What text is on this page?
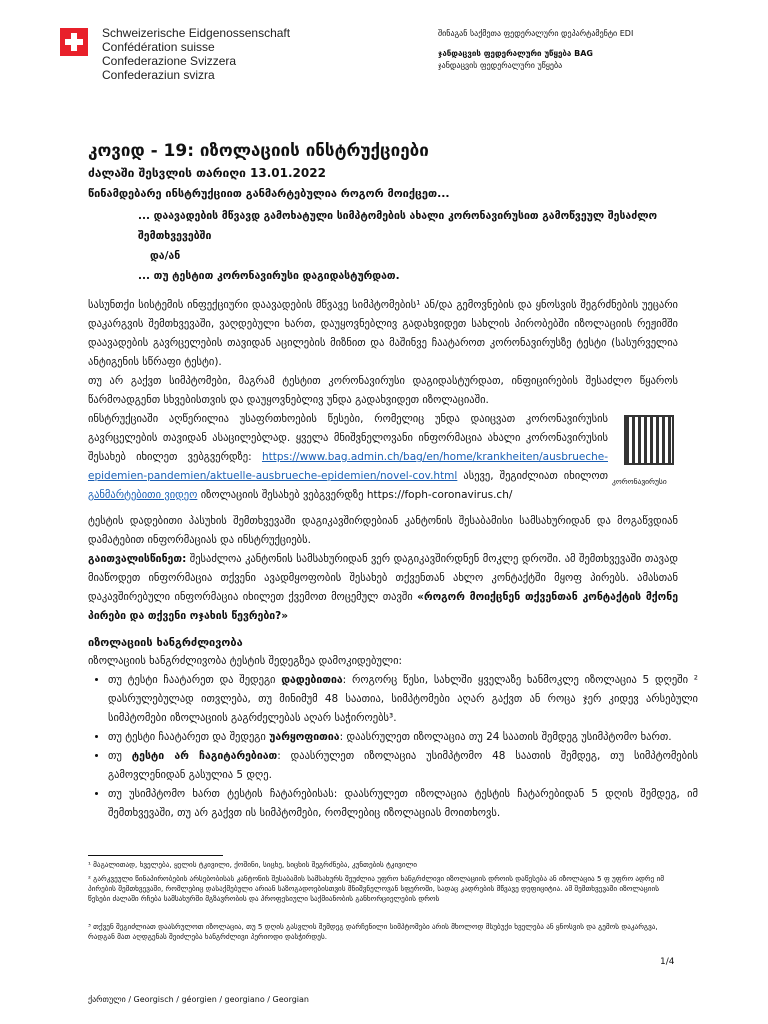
Schweizerische Eidgenossenschaft
Confédération suisse
Confederazione Svizzera
Confederaziun svizra
შინაგან საქმეთა ფედერალური დეპარტამენტი EDI
ჯანდაცვის ფედერალური უწყება BAG
ჯანდაცვის ფედერალური უწყება
კოვიდ - 19: იზოლაციის ინსტრუქციები
ძალაში შესვლის თარიღი 13.01.2022
წინამდებარე ინსტრუქციით განმარტებულია როგორ მოიქცეთ...
... დაავადების მწვავდ გამოხატული სიმპტომების ახალი კორონავირუსით გამოწვეულ შესაძლო შემთხვევებში
და/ან
... თუ ტესტით კორონავირუსი დაგიდასტურდათ.

სასუნთქი სისტემის ინფექციური დაავადების მწვავე სიმპტომების¹ ან/და გემოვნების და ყნოსვის შეგრძნების უეცარი დაკარგვის შემთხვევაში, ვაღდებული ხართ, დაუყოვნებლივ გადახვიდეთ სახლის პირობებში იზოლაციის რეჟიმში დაავადების გავრცელების თავიდან აცილების მიზნით და მაშინვე ჩაატაროთ კორონავირუსზე ტესტი (სასურველია ანტიგენის სწრაფი ტესტი).

თუ არ გაქვთ სიმპტომები, მაგრამ ტესტით კორონავირუსი დაგიდასტურდათ, ინფიცირების შესაძლო წყაროს წარმოადგენთ სხვებისთვის და დაუყოვნებლივ უნდა გადახვიდეთ იზოლაციაში.

ინსტრუქციაში აღწერილია უსაფრთხოების წესები, რომელიც უნდა დაიცვათ კორონავირუსის გავრცელების თავიდან ასაცილებლად. ყველა მნიშვნელოვანი ინფორმაცია ახალი კორონავირუსის შესახებ იხილეთ ვებგვერდზე: https://www.bag.admin.ch/bag/en/home/krankheiten/ausbrueche-epidemien-pandemien/aktuelle-ausbrueche-epidemien/novel-cov.html ასევე, შეგიძლიათ იხილოთ განმარტებითი ვიდეო იზოლაციის შესახებ ვებგვერდზე https://foph-coronavirus.ch/

კორონავირუსი

ტესტის დადებითი პასუხის შემთხვევაში დაგიკავშირდებიან კანტონის შესაბამისი სამსახურიდან და მოგაწვდიან დამატებით ინფორმაციას და ინსტრუქციებს.

გაითვალისწინეთ: შესაძლოა კანტონის სამსახურიდან ვერ დაგიკავშირდნენ მოკლე დროში. ამ შემთხვევაში თავად მიაწოდეთ ინფორმაცია თქვენი ავადმყოფობის შესახებ თქვენთან ახლო კონტაქტში მყოფ პირებს. ამასთან დაკავშირებული ინფორმაცია იხილეთ ქვემოთ მოცემულ თავში «როგორ მოიქცნენ თქვენთან კონტაქტის მქონე პირები და თქვენი ოჯახის წევრები?»

იზოლაციის ხანგრძლივობა

იზოლაციის ხანგრძლივობა ტესტის შედეგზეა დამოკიდებული:

• თუ ტესტი ჩაატარეთ და შედეგი დადებითია: როგორც წესი, სახლში ყველაზე ხანმოკლე იზოლაცია 5 დღეში ² დასრულებულად ითვლება, თუ მინიმუმ 48 საათია, სიმპტომები აღარ გაქვთ ან როცა ჯერ კიდევ არსებული სიმპტომები იზოლაციის გაგრძელებას აღარ საჭიროებს³.
• თუ ტესტი ჩაატარეთ და შედეგი უარყოფითია: დაასრულეთ იზოლაცია თუ 24 საათის შემდეგ უსიმპტომო ხართ.
• თუ ტესტი არ ჩაგიტარებიათ: დაასრულეთ იზოლაცია უსიმპტომო 48 საათის შემდეგ, თუ სიმპტომების გამოვლენიდან გასულია 5 დღე.
• თუ უსიმპტომო ხართ ტესტის ჩატარებისას: დაასრულეთ იზოლაცია ტესტის ჩატარებიდან 5 დღის შემდეგ, იმ შემთხვევაში, თუ არ გაქვთ ის სიმპტომები, რომლებიც იზოლაციას მოითხოვს.
¹ მაგალითად, ხველება, ყელის ტკივილი, ქოშინი, სიცხე, სიცხის შეგრძნება, კუნთების ტკივილი
² გარკვეული წინაპირობების არსებობისას კანტონის შესაბამის სამსახურს შეუძლია უფრო ხანგრძლივი იზოლაციის დროის დაწესება ან იზოლაცია 5 ფ უფრო ადრე იმ პირების შემთხვევაში, რომლებიც დასაქმებული არიან საზოგადოებისთვის მნიშვნელოვან სფეროში, სადაც კადრების მწვავე დეფიციტია. ამ შემთხვევაში იზოლაციის წესები ძალაში რჩება სამსახურში მგზავრობის და პროფესიული საქმიანობის განხორციელების დროს
³ თქვენ შეგიძლიათ დაასრულოთ იზოლაცია, თუ 5 დღის გასვლის შემდეგ დარჩენილი სიმპტომები არის მხოლოდ მსუბუქი ხველება ან ყნოსვის და გემოს დაკარგვა, რადგან მათ აღდგენას შეიძლება ხანგრძლივი პერიოდი დასჭირდეს.
1/4
ქართული / Georgisch / géorgien / georgiano / Georgian
